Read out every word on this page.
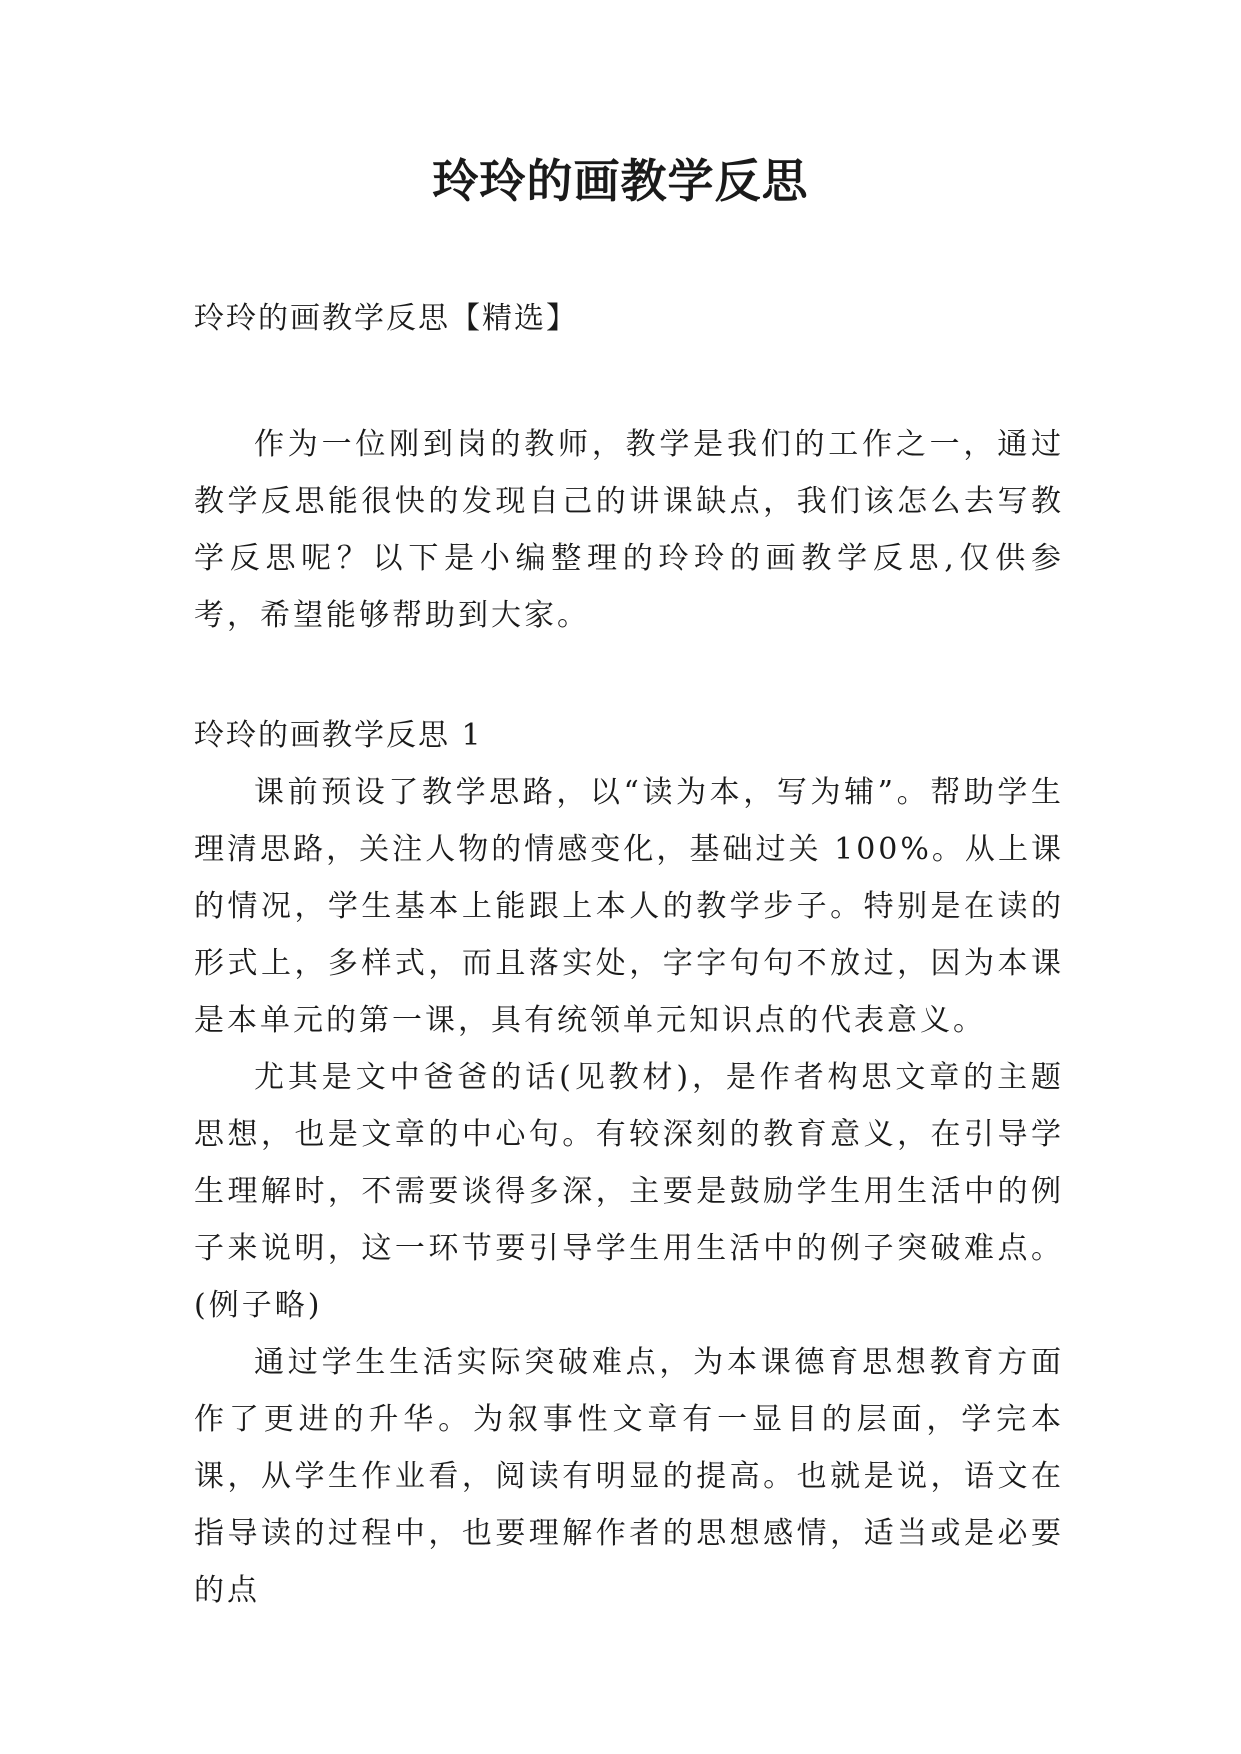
玲玲的画教学反思

玲玲的画教学反思【精选】

作为一位刚到岗的教师，教学是我们的工作之一，通过教学反思能很快的发现自己的讲课缺点，我们该怎么去写教学反思呢？以下是小编整理的玲玲的画教学反思,仅供参考，希望能够帮助到大家。

玲玲的画教学反思 1

课前预设了教学思路，以“读为本，写为辅”。帮助学生理清思路，关注人物的情感变化，基础过关 100%。从上课的情况，学生基本上能跟上本人的教学步子。特别是在读的形式上，多样式，而且落实处，字字句句不放过，因为本课是本单元的第一课，具有统领单元知识点的代表意义。

尤其是文中爸爸的话(见教材)，是作者构思文章的主题思想，也是文章的中心句。有较深刻的教育意义，在引导学生理解时，不需要谈得多深，主要是鼓励学生用生活中的例子来说明，这一环节要引导学生用生活中的例子突破难点。(例子略)

通过学生生活实际突破难点，为本课德育思想教育方面作了更进的升华。为叙事性文章有一显目的层面，学完本课，从学生作业看，阅读有明显的提高。也就是说，语文在指导读的过程中，也要理解作者的思想感情，适当或是必要的点
